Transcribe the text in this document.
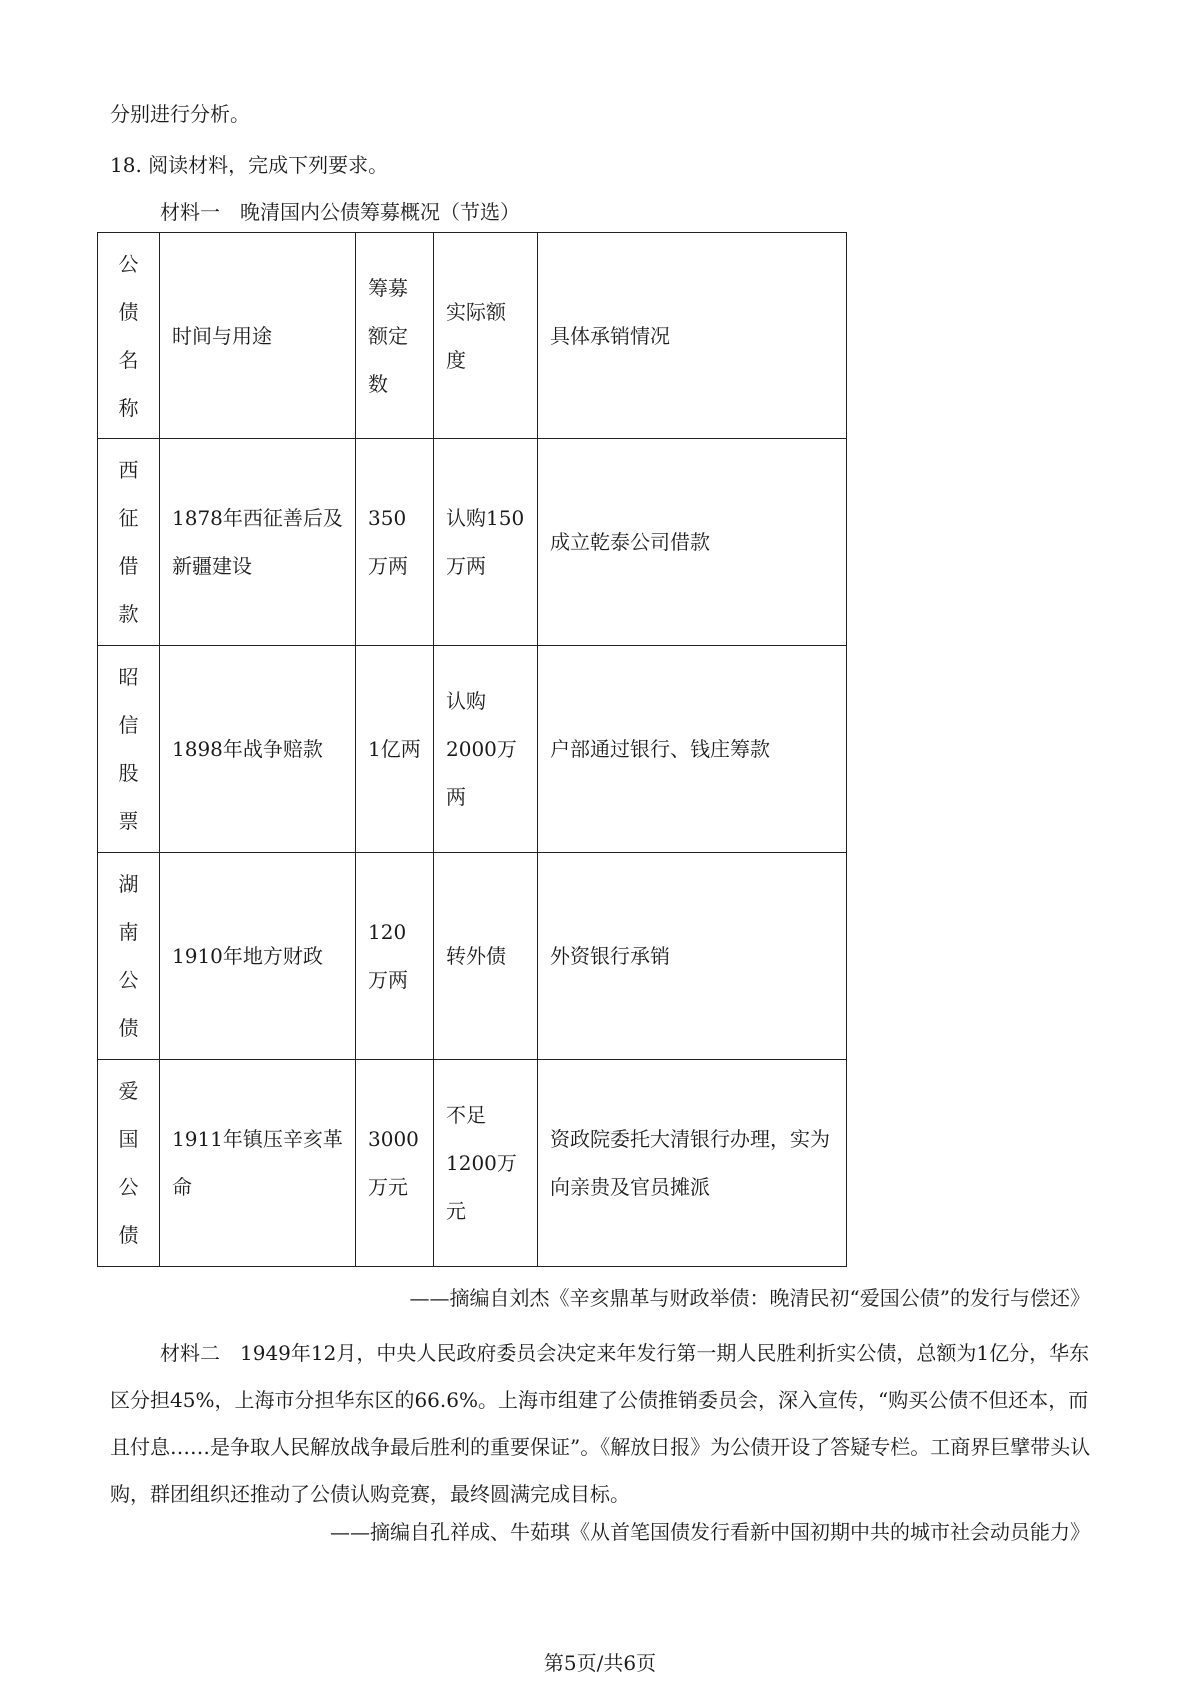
分别进行分析。
18. 阅读材料，完成下列要求。
材料一　晚清国内公债筹募概况（节选）
公债名称	时间与用途	筹募额定数	实际额度	具体承销情况
西征借款	1878年西征善后及新疆建设	350万两	认购150万两	成立乾泰公司借款
昭信股票	1898年战争赔款	1亿两	认购2000万两	户部通过银行、钱庄筹款
湖南公债	1910年地方财政	120万两	转外债	外资银行承销
爱国公债	1911年镇压辛亥革命	3000万元	不足1200万元	资政院委托大清银行办理，实为向亲贵及官员摊派
——摘编自刘杰《辛亥鼎革与财政举债：晚清民初“爱国公债”的发行与偿还》
材料二　1949年12月，中央人民政府委员会决定来年发行第一期人民胜利折实公债，总额为1亿分，华东区分担45%，上海市分担华东区的66.6%。上海市组建了公债推销委员会，深入宣传，“购买公债不但还本，而且付息……是争取人民解放战争最后胜利的重要保证”。《解放日报》为公债开设了答疑专栏。工商界巨擘带头认购，群团组织还推动了公债认购竞赛，最终圆满完成目标。
——摘编自孔祥成、牛茹琪《从首笔国债发行看新中国初期中共的城市社会动员能力》
第5页/共6页
